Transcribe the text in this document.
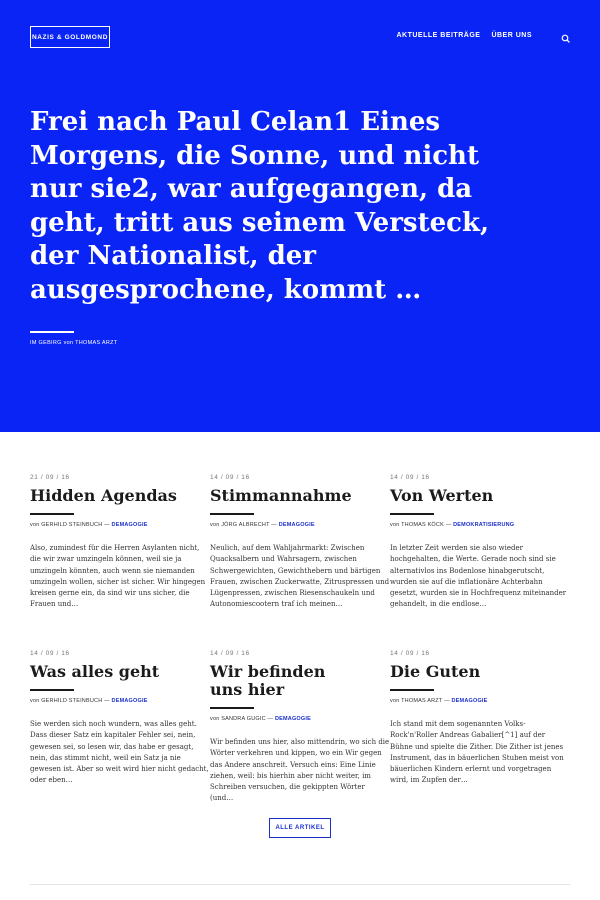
NAZIS & GOLDMOND	AKTUELLE BEITRÄGE ÜBER UNS
Frei nach Paul Celan1 Eines Morgens, die Sonne, und nicht nur sie2, war aufgegangen, da geht, tritt aus seinem Versteck, der Nationalist, der ausgesprochene, kommt …
IM GEBIRG von THOMAS ARZT
21 / 09 / 16
Hidden Agendas
von GERHILD STEINBUCH — DEMAGOGIE

Also, zumindest für die Herren Asylanten nicht, die wir zwar umzingeln können, weil sie ja umzingeln könnten, auch wenn sie niemanden umzingeln wollen, sicher ist sicher. Wir hingegen kreisen gerne ein, da sind wir uns sicher, die Frauen und…

14 / 09 / 16
Stimmannahme
von JÖRG ALBRECHT — DEMAGOGIE

Neulich, auf dem Wahljahrmarkt: Zwischen Quacksalbern und Wahrsagern, zwischen Schwergewichten, Gewichthebern und bärtigen Frauen, zwischen Zuckerwatte, Zitruspressen und Lügenpressen, zwischen Riesenschaukeln und Autonomiescootern traf ich meinen…

14 / 09 / 16
Von Werten
von THOMAS KÖCK — DEMOKRATISIERUNG

In letzter Zeit werden sie also wieder hochgehalten, die Werte. Gerade noch sind sie alternativlos ins Bodenlose hinabgerutscht, wurden sie auf die inflationäre Achterbahn gesetzt, wurden sie in Hochfrequenz miteinander gehandelt, in die endlose…

14 / 09 / 16
Was alles geht
von GERHILD STEINBUCH — DEMAGOGIE

Sie werden sich noch wundern, was alles geht. Dass dieser Satz ein kapitaler Fehler sei, nein, gewesen sei, so lesen wir, das habe er gesagt, nein, das stimmt nicht, weil ein Satz ja nie gewesen ist. Aber so weit wird hier nicht gedacht, oder eben…

14 / 09 / 16
Wir befinden uns hier
von SANDRA GUGIC — DEMAGOGIE

Wir befinden uns hier, also mittendrin, wo sich die Wörter verkehren und kippen, wo ein Wir gegen das Andere anschreit. Versuch eins: Eine Linie ziehen, weil: bis hierhin aber nicht weiter, im Schreiben versuchen, die gekippten Wörter (und…

14 / 09 / 16
Die Guten
von THOMAS ARZT — DEMAGOGIE

Ich stand mit dem sogenannten Volks-Rock'n'Roller Andreas Gabalier[^1] auf der Bühne und spielte die Zither. Die Zither ist jenes Instrument, das in bäuerlichen Stuben meist von bäuerlichen Kindern erlernt und vorgetragen wird, im Zupfen der…

ALLE ARTIKEL
